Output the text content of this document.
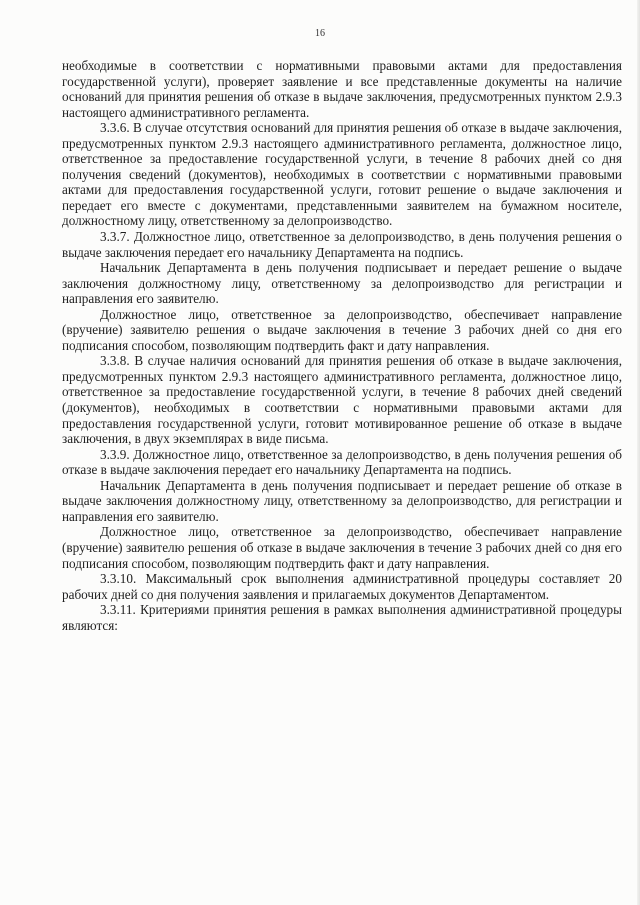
16

необходимые в соответствии с нормативными правовыми актами для предоставления государственной услуги), проверяет заявление и все представленные документы на наличие оснований для принятия решения об отказе в выдаче заключения, предусмотренных пунктом 2.9.3 настоящего административного регламента.

3.3.6. В случае отсутствия оснований для принятия решения об отказе в выдаче заключения, предусмотренных пунктом 2.9.3 настоящего административного регламента, должностное лицо, ответственное за предоставление государственной услуги, в течение 8 рабочих дней со дня получения сведений (документов), необходимых в соответствии с нормативными правовыми актами для предоставления государственной услуги, готовит решение о выдаче заключения и передает его вместе с документами, представленными заявителем на бумажном носителе, должностному лицу, ответственному за делопроизводство.

3.3.7. Должностное лицо, ответственное за делопроизводство, в день получения решения о выдаче заключения передает его начальнику Департамента на подпись.

Начальник Департамента в день получения подписывает и передает решение о выдаче заключения должностному лицу, ответственному за делопроизводство для регистрации и направления его заявителю.

Должностное лицо, ответственное за делопроизводство, обеспечивает направление (вручение) заявителю решения о выдаче заключения в течение 3 рабочих дней со дня его подписания способом, позволяющим подтвердить факт и дату направления.

3.3.8. В случае наличия оснований для принятия решения об отказе в выдаче заключения, предусмотренных пунктом 2.9.3 настоящего административного регламента, должностное лицо, ответственное за предоставление государственной услуги, в течение 8 рабочих дней сведений (документов), необходимых в соответствии с нормативными правовыми актами для предоставления государственной услуги, готовит мотивированное решение об отказе в выдаче заключения, в двух экземплярах в виде письма.

3.3.9. Должностное лицо, ответственное за делопроизводство, в день получения решения об отказе в выдаче заключения передает его начальнику Департамента на подпись.

Начальник Департамента в день получения подписывает и передает решение об отказе в выдаче заключения должностному лицу, ответственному за делопроизводство, для регистрации и направления его заявителю.

Должностное лицо, ответственное за делопроизводство, обеспечивает направление (вручение) заявителю решения об отказе в выдаче заключения в течение 3 рабочих дней со дня его подписания способом, позволяющим подтвердить факт и дату направления.

3.3.10. Максимальный срок выполнения административной процедуры составляет 20 рабочих дней со дня получения заявления и прилагаемых документов Департаментом.

3.3.11. Критериями принятия решения в рамках выполнения административной процедуры являются:
